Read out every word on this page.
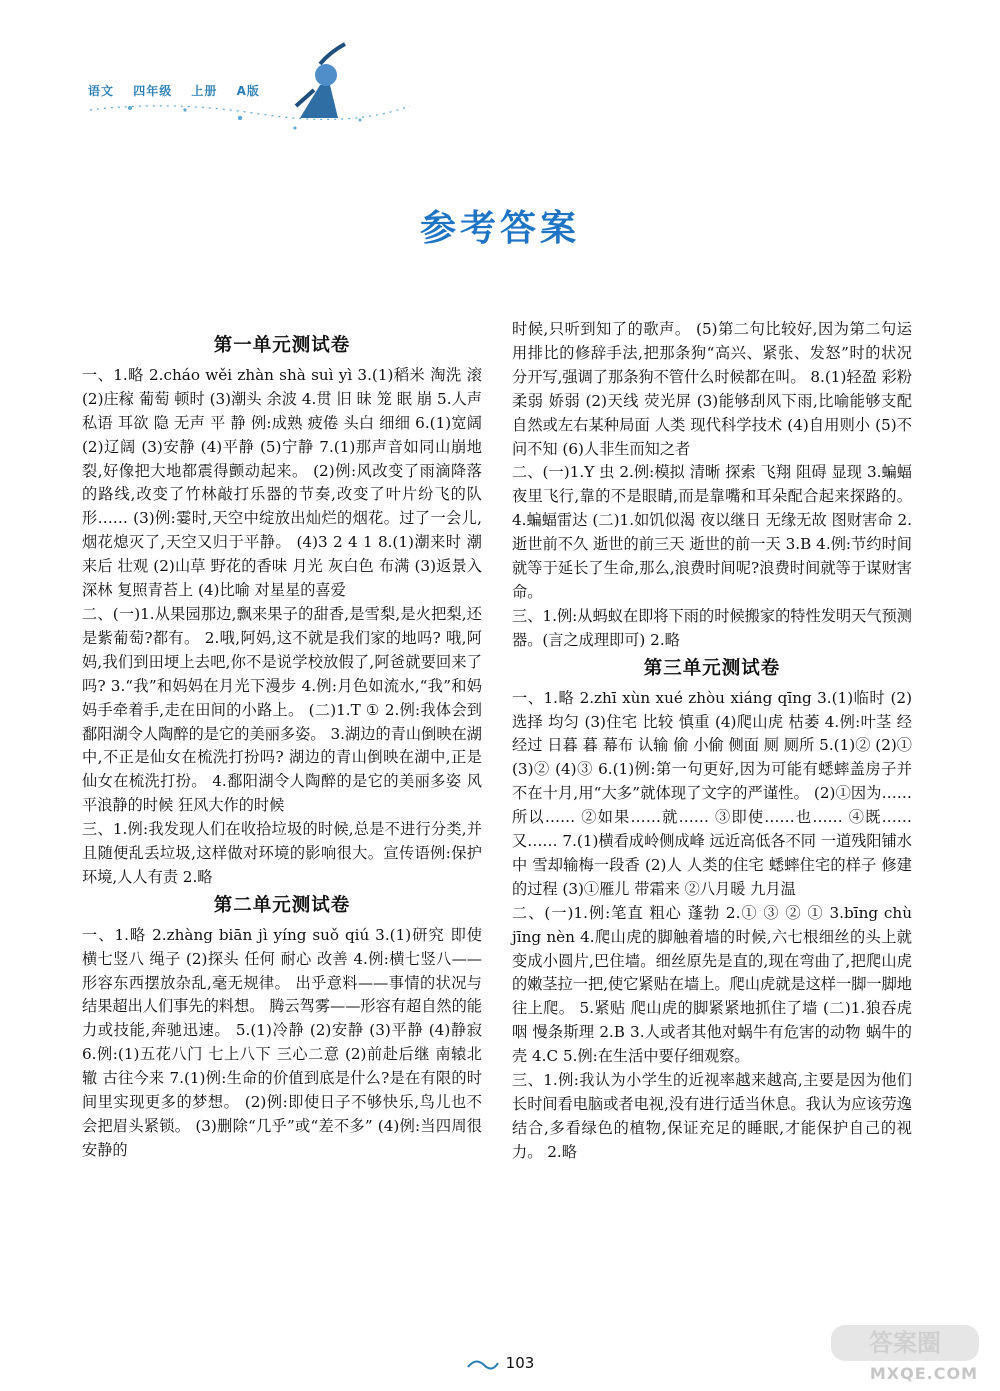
语文 四年级 上册 A版
参考答案
第一单元测试卷
一、1.略 2.cháo wěi zhàn shà suì yì 3.(1)稻米 淘洗 滚 (2)庄稼 葡萄 顿时 (3)潮头 余波 4.贯 旧 昧 笼 眠 崩 5.人声 私语 耳欲 隐 无声 平 静 例:成熟 疲倦 头白 细细 6.(1)宽阔 (2)辽阔 (3)安静 (4)平静 (5)宁静 7.(1)那声音如同山崩地裂,好像把大地都震得颤动起来。 (2)例:风改变了雨滴降落的路线,改变了竹林敲打乐器的节奏,改变了叶片纷飞的队形…… (3)例:霎时,天空中绽放出灿烂的烟花。过了一会儿,烟花熄灭了,天空又归于平静。 (4)3 2 4 1 8.(1)潮来时 潮来后 壮观 (2)山草 野花的香味 月光 灰白色 布满 (3)返景入深林 复照青苔上 (4)比喻 对星星的喜爱
二、(一)1.从果园那边,飘来果子的甜香,是雪梨,是火把梨,还是紫葡萄?都有。 2.哦,阿妈,这不就是我们家的地吗? 哦,阿妈,我们到田埂上去吧,你不是说学校放假了,阿爸就要回来了吗? 3.“我”和妈妈在月光下漫步 4.例:月色如流水,“我”和妈妈手牵着手,走在田间的小路上。 (二)1.T ① 2.例:我体会到鄱阳湖令人陶醉的是它的美丽多姿。 3.湖边的青山倒映在湖中,不正是仙女在梳洗打扮吗? 湖边的青山倒映在湖中,正是仙女在梳洗打扮。 4.鄱阳湖令人陶醉的是它的美丽多姿 风平浪静的时候 狂风大作的时候
三、1.例:我发现人们在收拾垃圾的时候,总是不进行分类,并且随便乱丢垃圾,这样做对环境的影响很大。宣传语例:保护环境,人人有责 2.略
第二单元测试卷
一、1.略 2.zhàng biān jì yíng suǒ qiú 3.(1)研究 即使 横七竖八 绳子 (2)探头 任何 耐心 改善 4.例:横七竖八——形容东西摆放杂乱,毫无规律。 出乎意料——事情的状况与结果超出人们事先的料想。 腾云驾雾——形容有超自然的能力或技能,奔驰迅速。 5.(1)冷静 (2)安静 (3)平静 (4)静寂 6.例:(1)五花八门 七上八下 三心二意 (2)前赴后继 南辕北辙 古往今来 7.(1)例:生命的价值到底是什么?是在有限的时间里实现更多的梦想。 (2)例:即使日子不够快乐,鸟儿也不会把眉头紧锁。 (3)删除“几乎”或“差不多” (4)例:当四周很安静的
时候,只听到知了的歌声。 (5)第二句比较好,因为第二句运用排比的修辞手法,把那条狗“高兴、紧张、发怒”时的状况分开写,强调了那条狗不管什么时候都在叫。 8.(1)轻盈 彩粉 柔弱 娇弱 (2)天线 荧光屏 (3)能够刮风下雨,比喻能够支配自然或左右某种局面 人类 现代科学技术 (4)自用则小 (5)不问不知 (6)人非生而知之者
二、(一)1.Y 虫 2.例:模拟 清晰 探索 飞翔 阻碍 显现 3.蝙蝠夜里飞行,靠的不是眼睛,而是靠嘴和耳朵配合起来探路的。 4.蝙蝠雷达 (二)1.如饥似渴 夜以继日 无缘无故 图财害命 2.逝世前不久 逝世的前三天 逝世的前一天 3.B 4.例:节约时间就等于延长了生命,那么,浪费时间呢?浪费时间就等于谋财害命。
三、1.例:从蚂蚁在即将下雨的时候搬家的特性发明天气预测器。(言之成理即可) 2.略
第三单元测试卷
一、1.略 2.zhī xùn xué zhòu xiáng qīng 3.(1)临时 (2)选择 均匀 (3)住宅 比较 慎重 (4)爬山虎 枯萎 4.例:叶茎 经 经过 日暮 暮 幕布 认输 偷 小偷 侧面 厕 厕所 5.(1)② (2)① (3)② (4)③ 6.(1)例:第一句更好,因为可能有蟋蟀盖房子并不在十月,用“大多”就体现了文字的严谨性。 (2)①因为……所以…… ②如果……就…… ③即使……也…… ④既……又…… 7.(1)横看成岭侧成峰 远近高低各不同 一道残阳铺水中 雪却输梅一段香 (2)人 人类的住宅 蟋蟀住宅的样子 修建的过程 (3)①雁儿 带霜来 ②八月暖 九月温
二、(一)1.例:笔直 粗心 蓬勃 2.① ③ ② ① 3.bīng chù jīng nèn 4.爬山虎的脚触着墙的时候,六七根细丝的头上就变成小圆片,巴住墙。细丝原先是直的,现在弯曲了,把爬山虎的嫩茎拉一把,使它紧贴在墙上。爬山虎就是这样一脚一脚地往上爬。 5.紧贴 爬山虎的脚紧紧地抓住了墙 (二)1.狼吞虎咽 慢条斯理 2.B 3.人或者其他对蜗牛有危害的动物 蜗牛的壳 4.C 5.例:在生活中要仔细观察。
三、1.例:我认为小学生的近视率越来越高,主要是因为他们长时间看电脑或者电视,没有进行适当休息。我认为应该劳逸结合,多看绿色的植物,保证充足的睡眠,才能保护自己的视力。 2.略
103
答案圈
MXQE.COM
